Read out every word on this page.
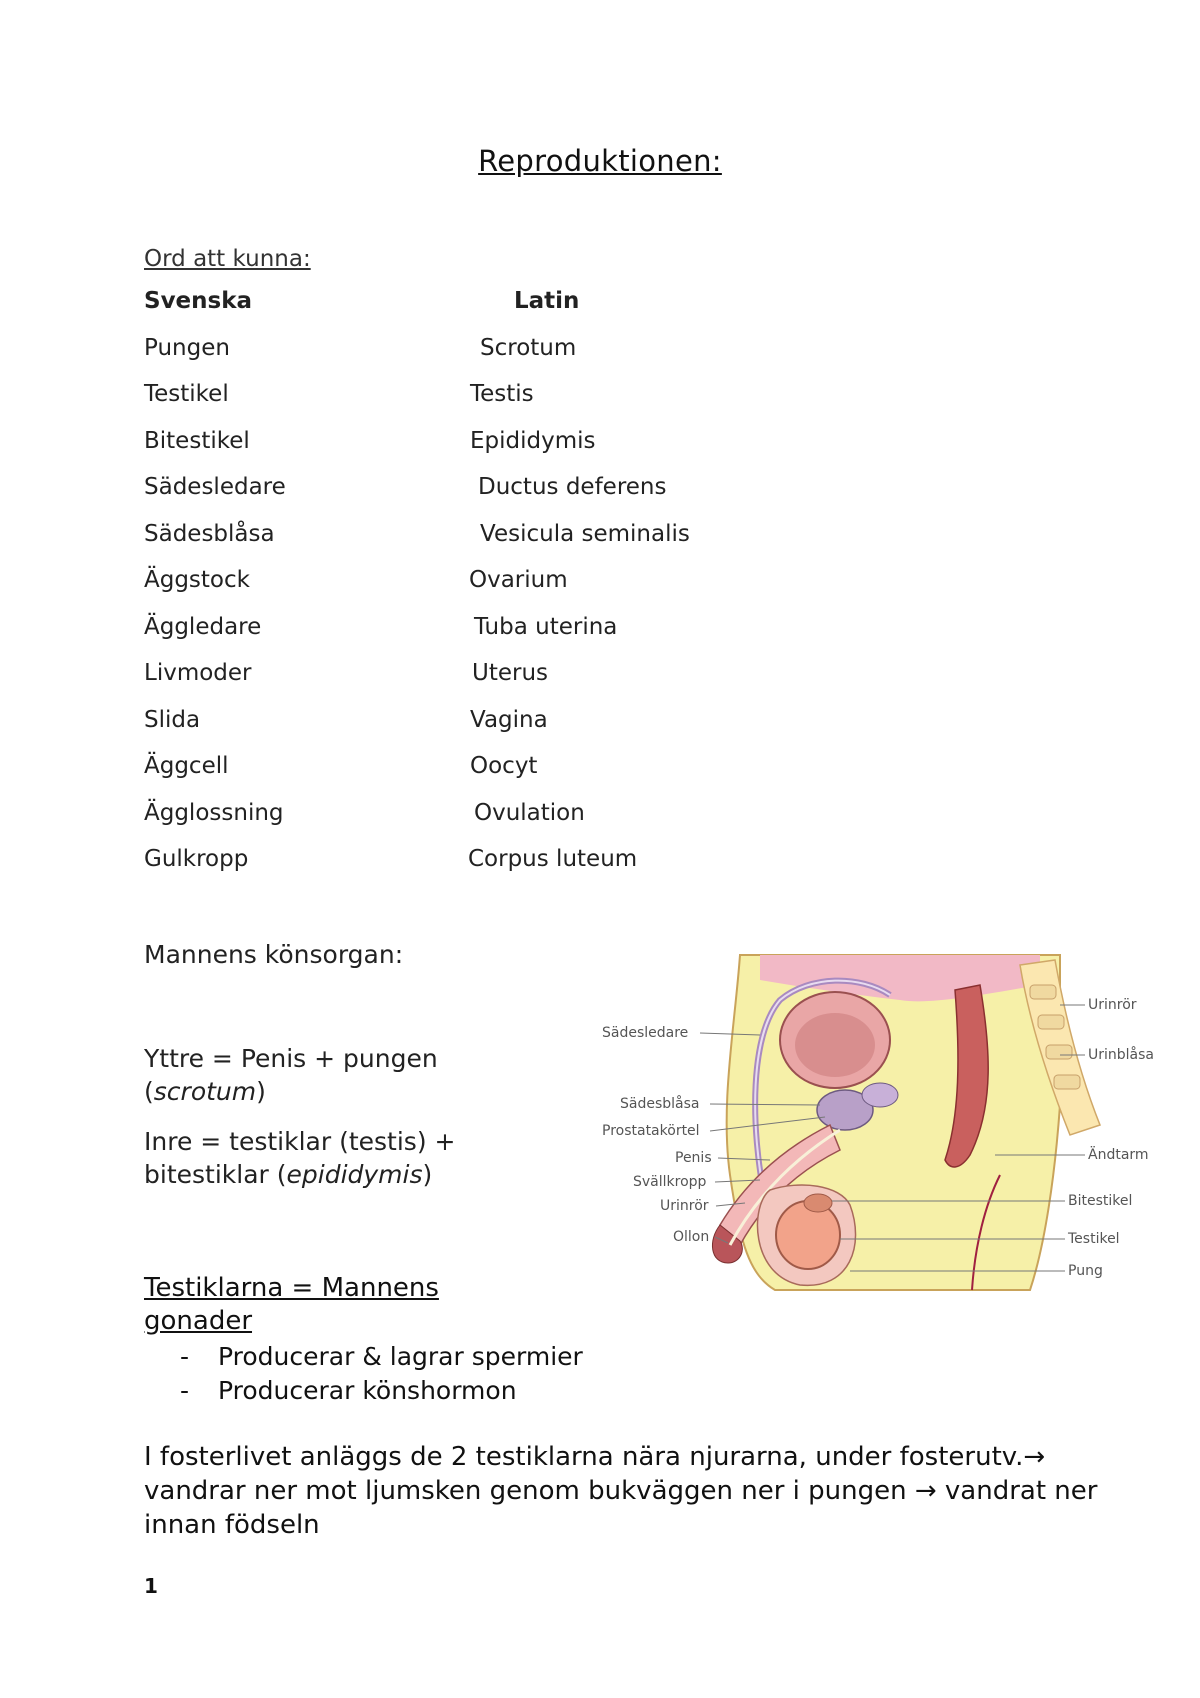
Reproduktionen:
Ord att kunna:
Svenska	Latin
Pungen	Scrotum
Testikel	Testis
Bitestikel	Epididymis
Sädesledare	Ductus deferens
Sädesblåsa	Vesicula seminalis
Äggstock	Ovarium
Äggledare	Tuba uterina
Livmoder	Uterus
Slida	Vagina
Äggcell	Oocyt
Ägglossning	Ovulation
Gulkropp	Corpus luteum
Mannens könsorgan:
Yttre = Penis + pungen (scrotum)
Inre = testiklar (testis) + bitestiklar (epididymis)
Sädesledare
Sädesblåsa
Prostatakörtel
Penis
Svällkropp
Urinrör
Ollon
Urinrör
Urinblåsa
Ändtarm
Bitestikel
Testikel
Pung
Testiklarna = Mannens gonader
- Producerar & lagrar spermier
- Producerar könshormon
I fosterlivet anläggs de 2 testiklarna nära njurarna, under fosterutv.→ vandrar ner mot ljumsken genom bukväggen ner i pungen → vandrat ner innan födseln
1
